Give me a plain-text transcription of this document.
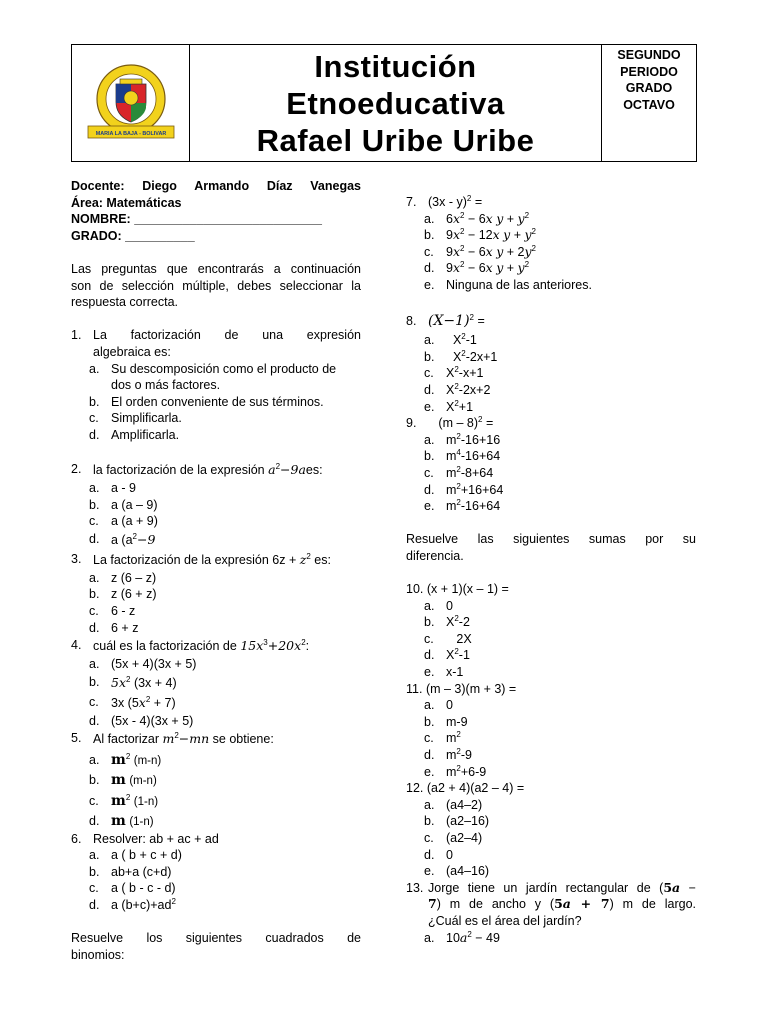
MARIA LA BAJA - BOLIVAR
Institución Etnoeducativa Rafael Uribe Uribe
SEGUNDO
PERIODO
GRADO
OCTAVO
Docente: Diego Armando Díaz Vanegas
Área: Matemáticas
NOMBRE: ___________________________
GRADO: __________
Las preguntas que encontrarás a continuación
son de selección múltiple, debes seleccionar la
respuesta correcta.
1. La factorización de una expresión
algebraica es:
a. Su descomposición como el producto de
dos o más factores.
b. El orden conveniente de sus términos.
c. Simplificarla.
d. Amplificarla.
2. la factorización de la expresión $a^2-9aes$:
a. a - 9
b. a (a – 9)
c. a (a + 9)
d. a ($a^2-9$
3. La factorización de la expresión $6z + z^2$ es:
a. z (6 – z)
b. z (6 + z)
c. 6 - z
d. 6 + z
4. cuál es la factorización de $15x^3+20x^2$:
a. (5x + 4)(3x + 5)
b. $5x^2$ (3x + 4)
c. 3x $(5x^2 + 7)$
d. (5x - 4)(3x + 5)
5. Al factorizar $m^2-mn$ se obtiene:
a. $m^2$ (m-n)
b. m (m-n)
c. $m^2$ (1-n)
d. m (1-n)
6. Resolver: ab + ac + ad
a. a ( b + c + d)
b. ab+a (c+d)
c. a ( b - c - d)
d. a $(b+c)+ad^2$
Resuelve los siguientes cuadrados de
binomios:
7. (3x - y)$^2$ =
a. $6x^2 - 6x$ $y + y^2$
b. $9x^2 - 12x$ $y + y^2$
c. $9x^2 - 6x$ $y + 2y^2$
d. $9x^2 - 6x$ $y + y^2$
e. Ninguna de las anteriores.
8. $(X-1)^2$ =
a. $X^2-1$
b. $X^2-2x+1$
c. $X^2-x+1$
d. $X^2-2x+2$
e. $X^2+1$
9. (m – 8)$^2$ =
a. $m^2-16+16$
b. $m^4-16+64$
c. $m^2-8+64$
d. $m^2+16+64$
e. $m^2-16+64$
Resuelve las siguientes sumas por su
diferencia.
10. (x + 1)(x – 1) =
a. 0
b. $X^2-2$
c. 2X
d. $X^2-1$
e. x-1
11. (m – 3)(m + 3) =
a. 0
b. m-9
c. $m^2$
d. $m^2-9$
e. $m^2+6-9$
12. (a2 + 4)(a2 – 4) =
a. (a4–2)
b. (a2–16)
c. (a2–4)
d. 0
e. (a4–16)
13. Jorge tiene un jardín rectangular de (5a −
7) m de ancho y (5a + 7) m de largo.
¿Cuál es el área del jardín?
a. $10a^2 - 49$
